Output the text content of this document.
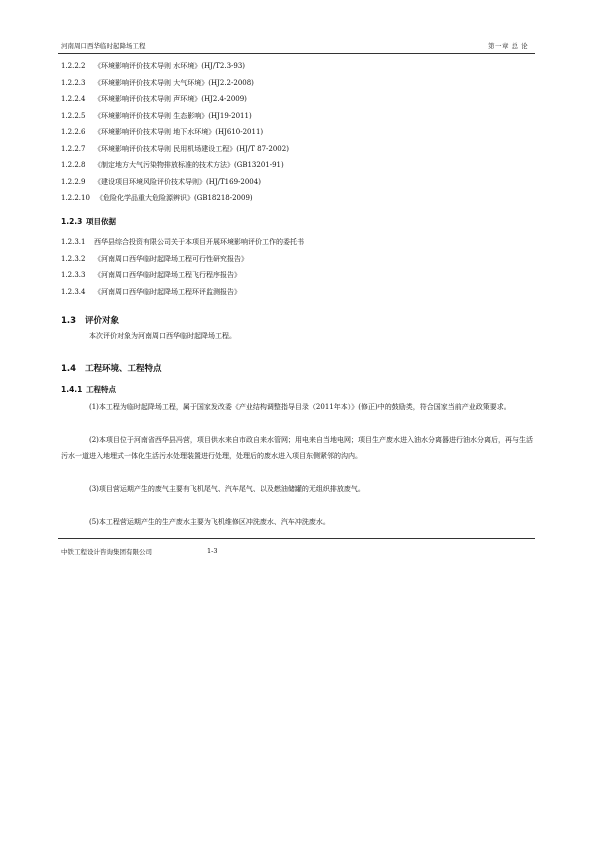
河南周口西华临时起降场工程	第一章 总 论
1.2.2.2 《环境影响评价技术导则 水环境》(HJ/T2.3-93)
1.2.2.3 《环境影响评价技术导则 大气环境》(HJ2.2-2008)
1.2.2.4 《环境影响评价技术导则 声环境》(HJ2.4-2009)
1.2.2.5 《环境影响评价技术导则 生态影响》(HJ19-2011)
1.2.2.6 《环境影响评价技术导则 地下水环境》(HJ610-2011)
1.2.2.7 《环境影响评价技术导则 民用机场建设工程》(HJ/T 87-2002)
1.2.2.8 《制定地方大气污染物排放标准的技术方法》(GB13201-91)
1.2.2.9 《建设项目环境风险评价技术导则》(HJ/T169-2004)
1.2.2.10 《危险化学品重大危险源辨识》(GB18218-2009)
1.2.3 项目依据
1.2.3.1 西华县综合投资有限公司关于本项目开展环境影响评价工作的委托书
1.2.3.2 《河南周口西华临时起降场工程可行性研究报告》
1.2.3.3 《河南周口西华临时起降场工程飞行程序报告》
1.2.3.4 《河南周口西华临时起降场工程环评监测报告》
1.3 评价对象
本次评价对象为河南周口西华临时起降场工程。
1.4 工程环境、工程特点
1.4.1 工程特点
(1)本工程为临时起降场工程，属于国家发改委《产业结构调整指导目录（2011年本）》(修正)中的鼓励类，符合国家当前产业政策要求。
(2)本项目位于河南省西华县冯营，项目供水来自市政自来水管网；用电来自当地电网；项目生产废水进入油水分离器进行油水分离后，再与生活污水一道进入地埋式一体化生活污水处理装置进行处理，处理后的废水进入项目东侧紧邻的沟内。
(3)项目营运期产生的废气主要有飞机尾气、汽车尾气、以及燃油储罐的无组织排放废气。
(5)本工程营运期产生的生产废水主要为飞机维修区冲洗废水、汽车冲洗废水。
中铁工程设计咨询集团有限公司	1-3
